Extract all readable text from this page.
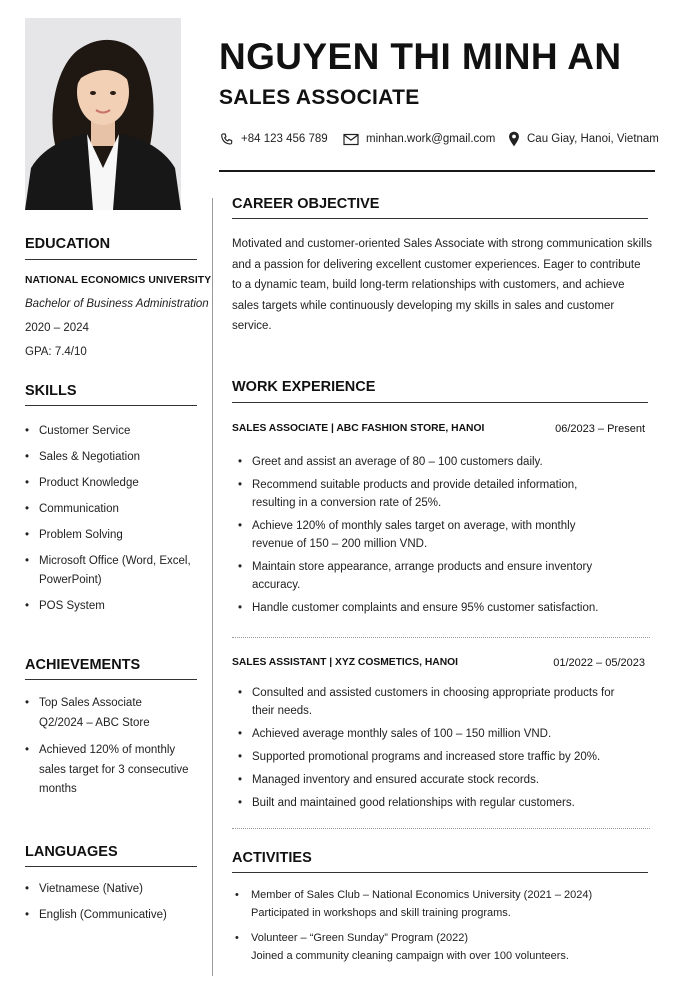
NGUYEN THI MINH AN
SALES ASSOCIATE
+84 123 456 789	minhan.work@gmail.com	Cau Giay, Hanoi, Vietnam
EDUCATION
NATIONAL ECONOMICS UNIVERSITY
Bachelor of Business Administration
2020 – 2024
GPA: 7.4/10
SKILLS
• Customer Service
• Sales & Negotiation
• Product Knowledge
• Communication
• Problem Solving
• Microsoft Office (Word, Excel, PowerPoint)
• POS System
ACHIEVEMENTS
• Top Sales Associate Q2/2024 – ABC Store
• Achieved 120% of monthly sales target for 3 consecutive months
LANGUAGES
• Vietnamese (Native)
• English (Communicative)
CAREER OBJECTIVE
Motivated and customer-oriented Sales Associate with strong communication skills and a passion for delivering excellent customer experiences. Eager to contribute to a dynamic team, build long-term relationships with customers, and achieve sales targets while continuously developing my skills in sales and customer service.
WORK EXPERIENCE
SALES ASSOCIATE | ABC FASHION STORE, HANOI	06/2023 – Present
• Greet and assist an average of 80 – 100 customers daily.
• Recommend suitable products and provide detailed information, resulting in a conversion rate of 25%.
• Achieve 120% of monthly sales target on average, with monthly revenue of 150 – 200 million VND.
• Maintain store appearance, arrange products and ensure inventory accuracy.
• Handle customer complaints and ensure 95% customer satisfaction.
SALES ASSISTANT | XYZ COSMETICS, HANOI	01/2022 – 05/2023
• Consulted and assisted customers in choosing appropriate products for their needs.
• Achieved average monthly sales of 100 – 150 million VND.
• Supported promotional programs and increased store traffic by 20%.
• Managed inventory and ensured accurate stock records.
• Built and maintained good relationships with regular customers.
ACTIVITIES
• Member of Sales Club – National Economics University (2021 – 2024)
Participated in workshops and skill training programs.
• Volunteer – “Green Sunday” Program (2022)
Joined a community cleaning campaign with over 100 volunteers.
